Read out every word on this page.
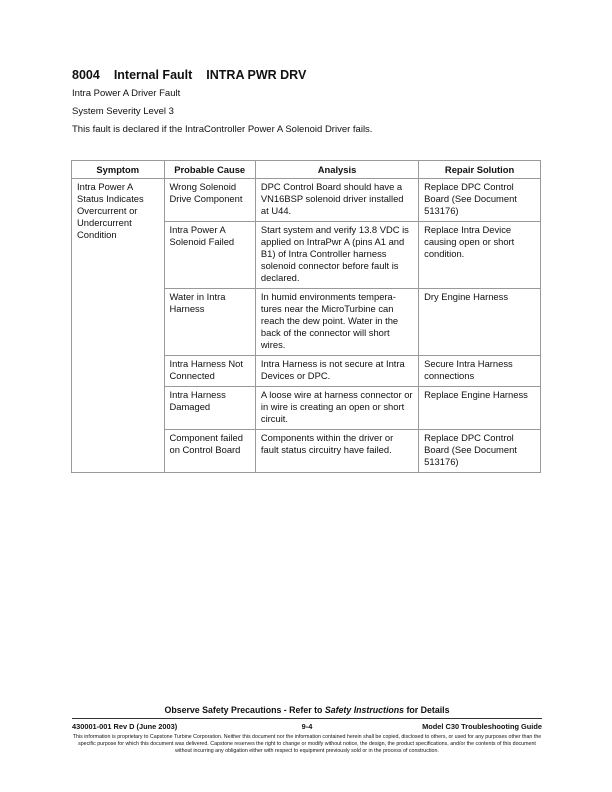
8004 Internal Fault INTRA PWR DRV
Intra Power A Driver Fault
System Severity Level 3
This fault is declared if the IntraController Power A Solenoid Driver fails.
Symptom	Probable Cause	Analysis	Repair Solution
Intra Power A Status Indicates Overcurrent or Undercurrent Condition	Wrong Solenoid Drive Component	DPC Control Board should have a VN16BSP solenoid driver installed at U44.	Replace DPC Control Board (See Document 513176)
	Intra Power A Solenoid Failed	Start system and verify 13.8 VDC is applied on IntraPwr A (pins A1 and B1) of Intra Controller harness solenoid connector before fault is declared.	Replace Intra Device causing open or short condition.
	Water in Intra Harness	In humid environments tempera-tures near the MicroTurbine can reach the dew point. Water in the back of the connector will short wires.	Dry Engine Harness
	Intra Harness Not Connected	Intra Harness is not secure at Intra Devices or DPC.	Secure Intra Harness connections
	Intra Harness Damaged	A loose wire at harness connector or in wire is creating an open or short circuit.	Replace Engine Harness
	Component failed on Control Board	Components within the driver or fault status circuitry have failed.	Replace DPC Control Board (See Document 513176)
Observe Safety Precautions - Refer to Safety Instructions for Details
430001-001 Rev D (June 2003)	9-4	Model C30 Troubleshooting Guide
This information is proprietary to Capstone Turbine Corporation. Neither this document nor the information contained herein shall be copied, disclosed to others, or used for any purposes other than the specific purpose for which this document was delivered. Capstone reserves the right to change or modify without notice, the design, the product specifications, and/or the contents of this document without incurring any obligation either with respect to equipment previously sold or in the process of construction.
